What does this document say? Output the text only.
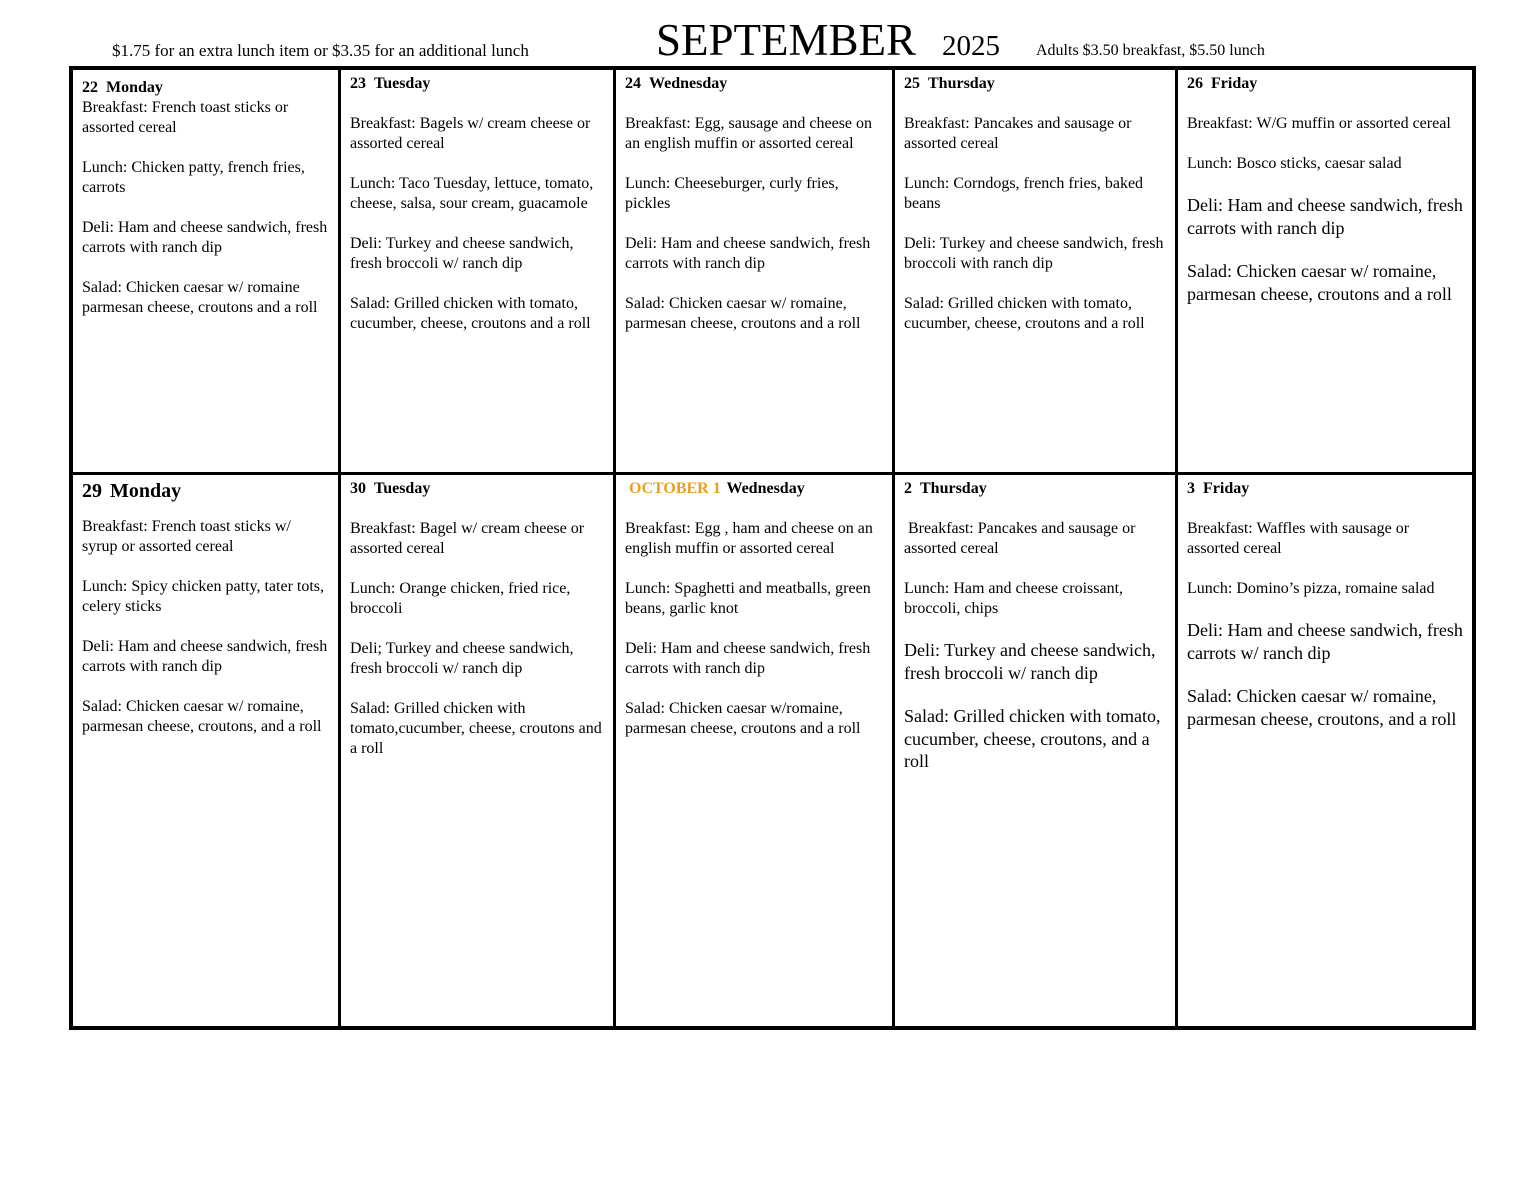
$1.75 for an extra lunch item or $3.35 for an additional lunch	SEPTEMBER 2025 Adults $3.50 breakfast, $5.50 lunch
22 Monday

Breakfast: French toast sticks or assorted cereal

Lunch: Chicken patty, french fries, carrots

Deli: Ham and cheese sandwich, fresh carrots with ranch dip

Salad: Chicken caesar w/ romaine parmesan cheese, croutons and a roll

23 Tuesday

Breakfast: Bagels w/ cream cheese or assorted cereal

Lunch: Taco Tuesday, lettuce, tomato, cheese, salsa, sour cream, guacamole

Deli: Turkey and cheese sandwich, fresh broccoli w/ ranch dip

Salad: Grilled chicken with tomato, cucumber, cheese, croutons and a roll

24 Wednesday

Breakfast: Egg, sausage and cheese on an english muffin or assorted cereal

Lunch: Cheeseburger, curly fries, pickles

Deli: Ham and cheese sandwich, fresh carrots with ranch dip

Salad: Chicken caesar w/ romaine, parmesan cheese, croutons and a roll

25 Thursday

Breakfast: Pancakes and sausage or assorted cereal

Lunch: Corndogs, french fries, baked beans

Deli: Turkey and cheese sandwich, fresh broccoli with ranch dip

Salad: Grilled chicken with tomato, cucumber, cheese, croutons and a roll

26 Friday

Breakfast: W/G muffin or assorted cereal

Lunch: Bosco sticks, caesar salad

Deli: Ham and cheese sandwich, fresh carrots with ranch dip

Salad: Chicken caesar w/ romaine, parmesan cheese, croutons and a roll

29 Monday

Breakfast: French toast sticks w/ syrup or assorted cereal

Lunch: Spicy chicken patty, tater tots, celery sticks

Deli: Ham and cheese sandwich, fresh carrots with ranch dip

Salad: Chicken caesar w/ romaine, parmesan cheese, croutons, and a roll

30 Tuesday

Breakfast: Bagel w/ cream cheese or assorted cereal

Lunch: Orange chicken, fried rice, broccoli

Deli; Turkey and cheese sandwich, fresh broccoli w/ ranch dip

Salad: Grilled chicken with tomato,cucumber, cheese, croutons and a roll

OCTOBER 1 Wednesday

Breakfast: Egg , ham and cheese on an english muffin or assorted cereal

Lunch: Spaghetti and meatballs, green beans, garlic knot

Deli: Ham and cheese sandwich, fresh carrots with ranch dip

Salad: Chicken caesar w/romaine, parmesan cheese, croutons and a roll

2 Thursday

Breakfast: Pancakes and sausage or assorted cereal

Lunch: Ham and cheese croissant, broccoli, chips

Deli: Turkey and cheese sandwich, fresh broccoli w/ ranch dip

Salad: Grilled chicken with tomato, cucumber, cheese, croutons, and a roll

3 Friday

Breakfast: Waffles with sausage or assorted cereal

Lunch: Domino’s pizza, romaine salad

Deli: Ham and cheese sandwich, fresh carrots w/ ranch dip

Salad: Chicken caesar w/ romaine, parmesan cheese, croutons, and a roll
